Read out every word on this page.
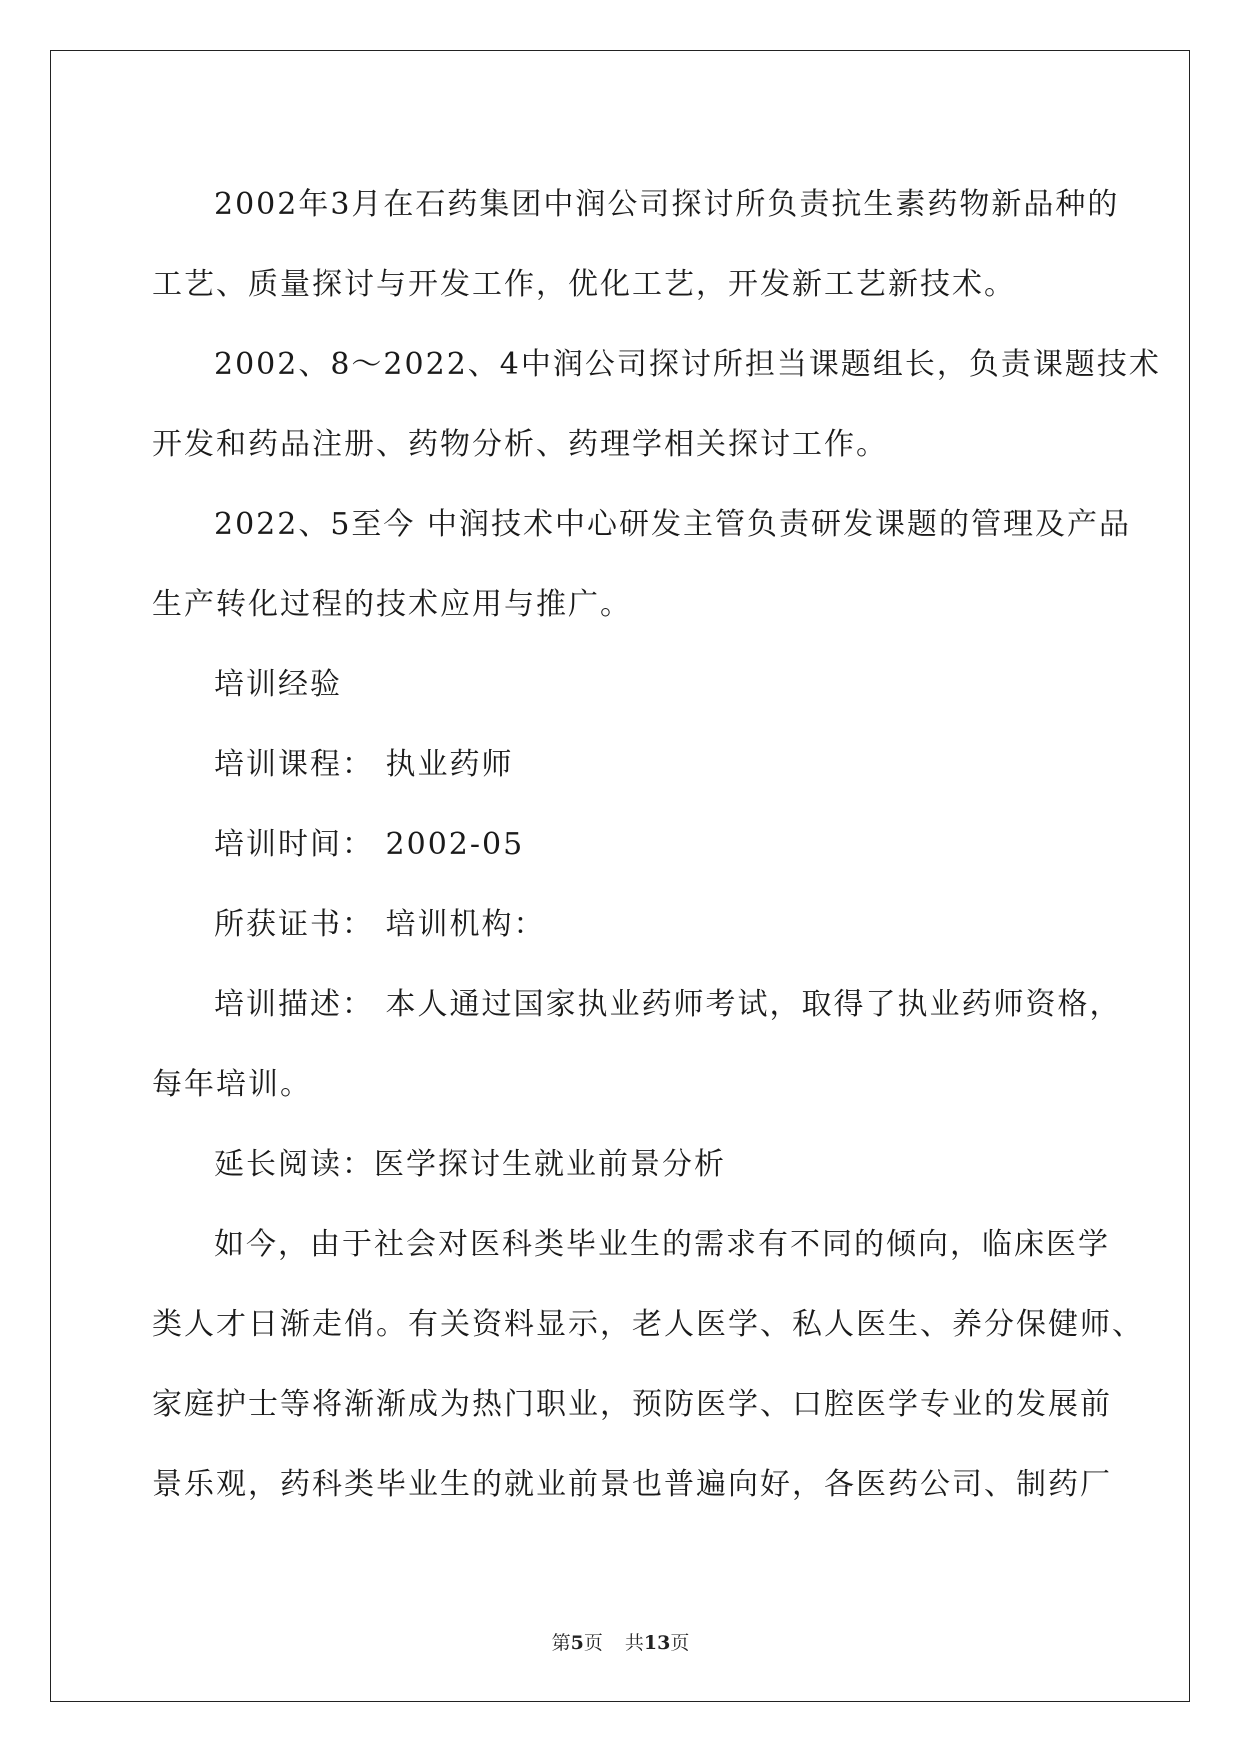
2002年3月在石药集团中润公司探讨所负责抗生素药物新品种的
工艺、质量探讨与开发工作，优化工艺，开发新工艺新技术。
2002、8～2022、4中润公司探讨所担当课题组长，负责课题技术
开发和药品注册、药物分析、药理学相关探讨工作。
2022、5至今 中润技术中心研发主管负责研发课题的管理及产品
生产转化过程的技术应用与推广。
培训经验
培训课程： 执业药师
培训时间： 2002-05
所获证书： 培训机构：
培训描述： 本人通过国家执业药师考试，取得了执业药师资格，
每年培训。
延长阅读：医学探讨生就业前景分析
如今，由于社会对医科类毕业生的需求有不同的倾向，临床医学
类人才日渐走俏。有关资料显示，老人医学、私人医生、养分保健师、
家庭护士等将渐渐成为热门职业，预防医学、口腔医学专业的发展前
景乐观，药科类毕业生的就业前景也普遍向好，各医药公司、制药厂
第5页 共13页
